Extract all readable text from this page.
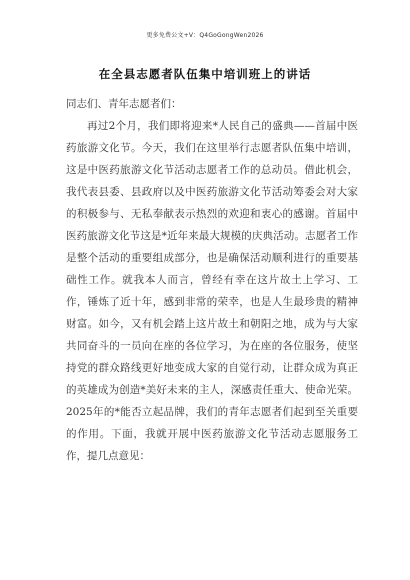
更多免费公文+V：Q4GoGongWen2026
在全县志愿者队伍集中培训班上的讲话

同志们、青年志愿者们：

再过2个月，我们即将迎来*人民自己的盛典——首届中医药旅游文化节。今天，我们在这里举行志愿者队伍集中培训，这是中医药旅游文化节活动志愿者工作的总动员。借此机会，我代表县委、县政府以及中医药旅游文化节活动筹委会对大家的积极参与、无私奉献表示热烈的欢迎和衷心的感谢。首届中医药旅游文化节这是*近年来最大规模的庆典活动。志愿者工作是整个活动的重要组成部分，也是确保活动顺利进行的重要基础性工作。就我本人而言，曾经有幸在这片故土上学习、工作，锤炼了近十年，感到非常的荣幸，也是人生最珍贵的精神财富。如今，又有机会踏上这片故土和朝阳之地，成为与大家共同奋斗的一员向在座的各位学习，为在座的各位服务，使坚持党的群众路线更好地变成大家的自觉行动，让群众成为真正的英雄成为创造*美好未来的主人，深感责任重大、使命光荣。2025年的*能否立起品牌，我们的青年志愿者们起到至关重要的作用。下面，我就开展中医药旅游文化节活动志愿服务工作，提几点意见：
